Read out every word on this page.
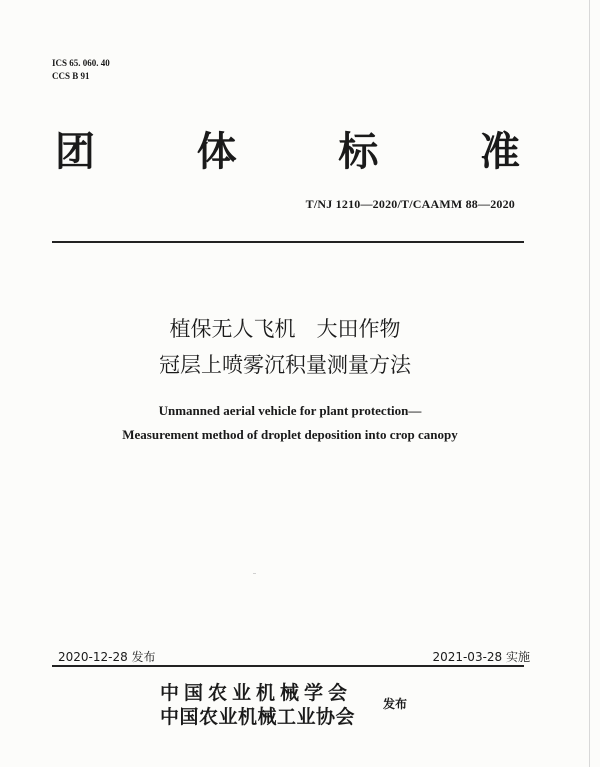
ICS 65. 060. 40
CCS B 91
团	体	标	准
T/NJ 1210—2020/T/CAAMM 88—2020
植保无人飞机　大田作物
冠层上喷雾沉积量测量方法
Unmanned aerial vehicle for plant protection—
Measurement method of droplet deposition into crop canopy
2020-12-28 发布	2021-03-28 实施
中国农业机械学会
中国农业机械工业协会
发布
